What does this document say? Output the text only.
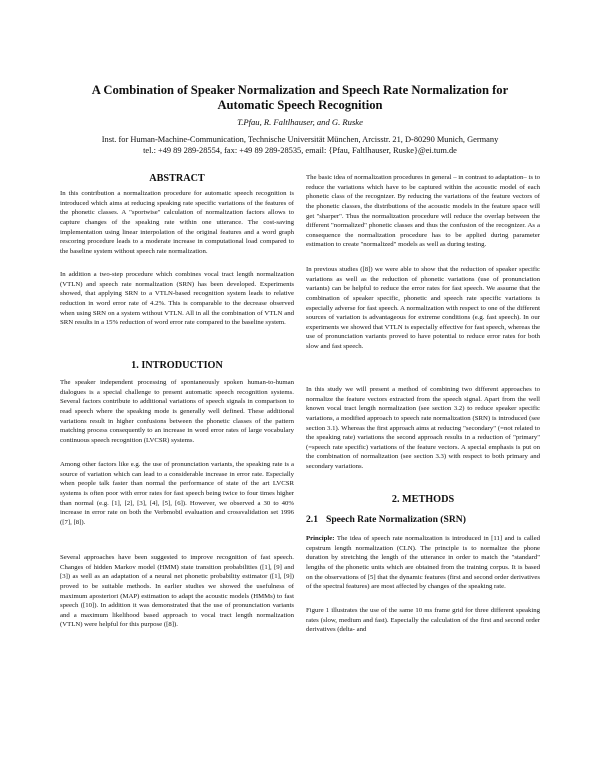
A Combination of Speaker Normalization and Speech Rate Normalization for
Automatic Speech Recognition
T.Pfau, R. Faltlhauser, and G. Ruske
Inst. for Human-Machine-Communication, Technische Universität München, Arcisstr. 21, D-80290 Munich, Germany
tel.: +49 89 289-28554, fax: +49 89 289-28535, email: {Pfau, Faltlhauser, Ruske}@ei.tum.de
ABSTRACT
In this contribution a normalization procedure for automatic speech recognition is introduced which aims at reducing speaking rate specific variations of the features of the phonetic classes. A "sportwise" calculation of normalization factors allows to capture changes of the speaking rate within one utterance. The cost-saving implementation using linear interpolation of the original features and a word graph rescoring procedure leads to a moderate increase in computational load compared to the baseline system without speech rate normalization.
In addition a two-step procedure which combines vocal tract length normalization (VTLN) and speech rate normalization (SRN) has been developed. Experiments showed, that applying SRN to a VTLN-based recognition system leads to relative reduction in word error rate of 4.2%. This is comparable to the decrease observed when using SRN on a system without VTLN. All in all the combination of VTLN and SRN results in a 15% reduction of word error rate compared to the baseline system.
1. INTRODUCTION
The speaker independent processing of spontaneously spoken human-to-human dialogues is a special challenge to present automatic speech recognition systems. Several factors contribute to additional variations of speech signals in comparison to read speech where the speaking mode is generally well defined. These additional variations result in higher confusions between the phonetic classes of the pattern matching process consequently to an increase in word error rates of large vocabulary continuous speech recognition (LVCSR) systems.
Among other factors like e.g. the use of pronunciation variants, the speaking rate is a source of variation which can lead to a considerable increase in error rate. Especially when people talk faster than normal the performance of state of the art LVCSR systems is often poor with error rates for fast speech being twice to four times higher than normal (e.g. [1], [2], [3], [4], [5], [6]). However, we observed a 30 to 40% increase in error rate on both the Verbmobil evaluation and crossvalidation set 1996 ([7], [8]).
Several approaches have been suggested to improve recognition of fast speech. Changes of hidden Markov model (HMM) state transition probabilities ([1], [9] and [3]) as well as an adaptation of a neural net phonetic probability estimator ([1], [9]) proved to be suitable methods. In earlier studies we showed the usefulness of maximum aposteriori (MAP) estimation to adapt the acoustic models (HMMs) to fast speech ([10]). In addition it was demonstrated that the use of pronunciation variants and a maximum likelihood based approach to vocal tract length normalization (VTLN) were helpful for this purpose ([8]).
The basic idea of normalization procedures in general – in contrast to adaptation– is to reduce the variations which have to be captured within the acoustic model of each phonetic class of the recognizer. By reducing the variations of the feature vectors of the phonetic classes, the distributions of the acoustic models in the feature space will get "sharper". Thus the normalization procedure will reduce the overlap between the different "normalized" phonetic classes and thus the confusion of the recognizer. As a consequence the normalization procedure has to be applied during parameter estimation to create "normalized" models as well as during testing.
In previous studies ([8]) we were able to show that the reduction of speaker specific variations as well as the reduction of phonetic variations (use of pronunciation variants) can be helpful to reduce the error rates for fast speech. We assume that the combination of speaker specific, phonetic and speech rate specific variations is especially adverse for fast speech. A normalization with respect to one of the different sources of variation is advantageous for extreme conditions (e.g. fast speech). In our experiments we showed that VTLN is especially effective for fast speech, whereas the use of pronunciation variants proved to have potential to reduce error rates for both slow and fast speech.
In this study we will present a method of combining two different approaches to normalize the feature vectors extracted from the speech signal. Apart from the well known vocal tract length normalization (see section 3.2) to reduce speaker specific variations, a modified approach to speech rate normalization (SRN) is introduced (see section 3.1). Whereas the first approach aims at reducing "secondary" (=not related to the speaking rate) variations the second approach results in a reduction of "primary" (=speech rate specific) variations of the feature vectors. A special emphasis is put on the combination of normalization (see section 3.3) with respect to both primary and secondary variations.
2. METHODS
2.1 Speech Rate Normalization (SRN)
Principle: The idea of speech rate normalization is introduced in [11] and is called cepstrum length normalization (CLN). The principle is to normalize the phone duration by stretching the length of the utterance in order to match the "standard" lengths of the phonetic units which are obtained from the training corpus. It is based on the observations of [5] that the dynamic features (first and second order derivatives of the spectral features) are most affected by changes of the speaking rate.
Figure 1 illustrates the use of the same 10 ms frame grid for three different speaking rates (slow, medium and fast). Especially the calculation of the first and second order derivatives (delta- and
